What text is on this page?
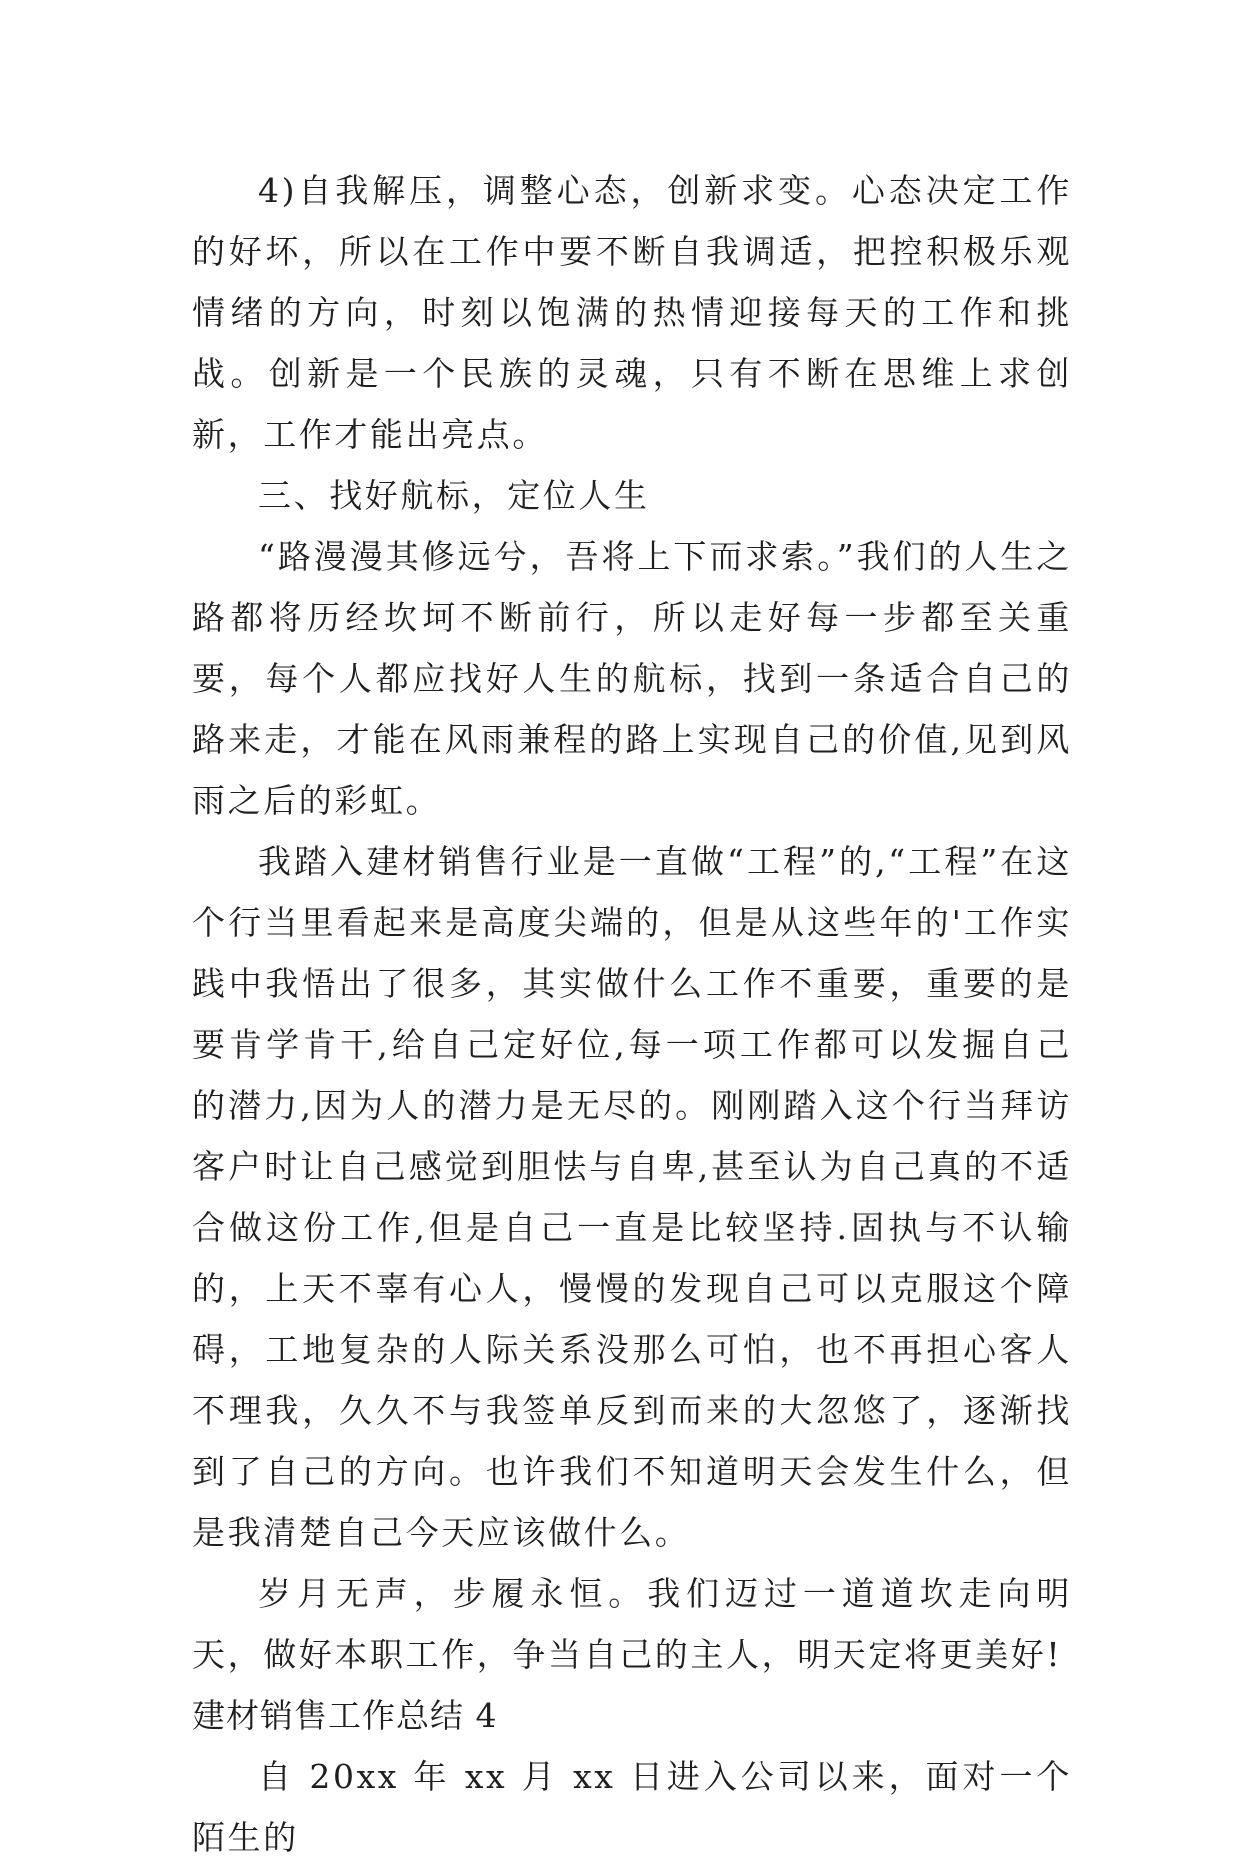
4)自我解压，调整心态，创新求变。心态决定工作的好坏，所以在工作中要不断自我调适，把控积极乐观情绪的方向，时刻以饱满的热情迎接每天的工作和挑战。创新是一个民族的灵魂，只有不断在思维上求创新，工作才能出亮点。

三、找好航标，定位人生

“路漫漫其修远兮，吾将上下而求索。”我们的人生之路都将历经坎坷不断前行，所以走好每一步都至关重要，每个人都应找好人生的航标，找到一条适合自己的路来走，才能在风雨兼程的路上实现自己的价值,见到风雨之后的彩虹。

我踏入建材销售行业是一直做“工程”的,“工程”在这个行当里看起来是高度尖端的，但是从这些年的'工作实践中我悟出了很多，其实做什么工作不重要，重要的是要肯学肯干,给自己定好位,每一项工作都可以发掘自己的潜力,因为人的潜力是无尽的。刚刚踏入这个行当拜访客户时让自己感觉到胆怯与自卑,甚至认为自己真的不适合做这份工作,但是自己一直是比较坚持.固执与不认输的，上天不辜有心人，慢慢的发现自己可以克服这个障碍，工地复杂的人际关系没那么可怕，也不再担心客人不理我，久久不与我签单反到而来的大忽悠了，逐渐找到了自己的方向。也许我们不知道明天会发生什么，但是我清楚自己今天应该做什么。

岁月无声，步履永恒。我们迈过一道道坎走向明天，做好本职工作，争当自己的主人，明天定将更美好!

建材销售工作总结 4

自 20xx 年 xx 月 xx 日进入公司以来，面对一个陌生的
